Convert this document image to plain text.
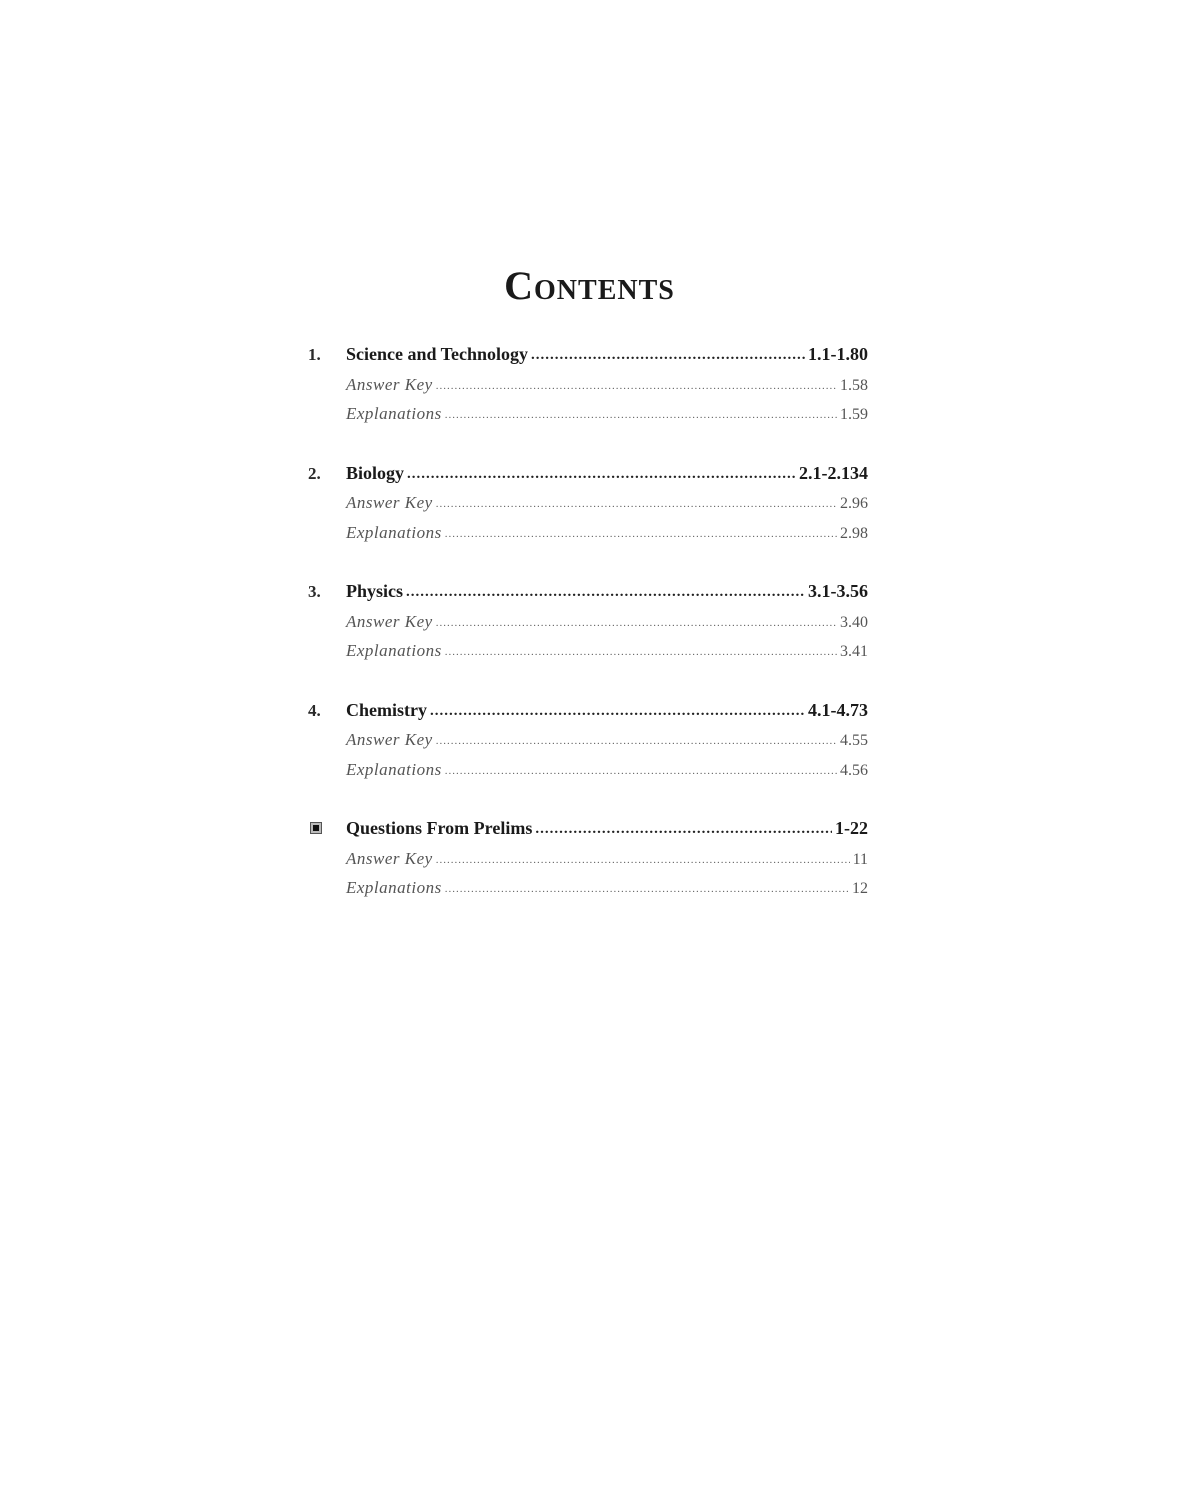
Contents
1.	Science and Technology .....	1.1-1.80
Answer Key .....	1.58
Explanations .....	1.59
2.	Biology .....	2.1-2.134
Answer Key .....	2.96
Explanations .....	2.98
3.	Physics .....	3.1-3.56
Answer Key .....	3.40
Explanations .....	3.41
4.	Chemistry .....	4.1-4.73
Answer Key .....	4.55
Explanations .....	4.56
Questions From Prelims .....	1-22
Answer Key .....	11
Explanations .....	12
